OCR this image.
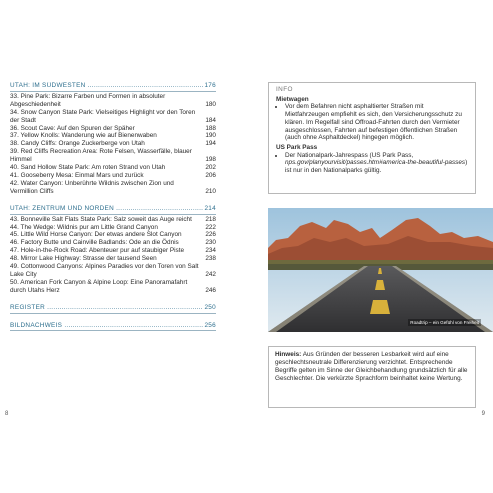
UTAH: IM SÜDWESTEN .....	176
33. Pine Park: Bizarre Farben und Formen in absoluter Abgeschiedenheit	180
34. Snow Canyon State Park: Vielseitiges Highlight vor den Toren der Stadt	184
36. Scout Cave: Auf den Spuren der Späher	188
37. Yellow Knolls: Wanderung wie auf Bienenwaben	190
38. Candy Cliffs: Orange Zuckerberge von Utah	194
39. Red Cliffs Recreation Area: Rote Felsen, Wasserfälle, blauer Himmel	198
40. Sand Hollow State Park: Am roten Strand von Utah	202
41. Gooseberry Mesa: Einmal Mars und zurück	206
42. Water Canyon: Unberührte Wildnis zwischen Zion und Vermillion Cliffs	210
UTAH: ZENTRUM UND NORDEN .....	214
43. Bonneville Salt Flats State Park: Salz soweit das Auge reicht	218
44. The Wedge: Wildnis pur am Little Grand Canyon	222
45. Little Wild Horse Canyon: Der etwas andere Slot Canyon	226
46. Factory Butte und Cainville Badlands: Ode an die Ödnis	230
47. Hole-in-the-Rock Road: Abenteuer pur auf staubiger Piste	234
48. Mirror Lake Highway: Strasse der tausend Seen	238
49. Cottonwood Canyons: Alpines Paradies vor den Toren von Salt Lake City	242
50. American Fork Canyon & Alpine Loop: Eine Panoramafahrt durch Utahs Herz	246
REGISTER .....	250
BILDNACHWEIS .....	256
8
INFO
Mietwagen
• Vor dem Befahren nicht asphaltierter Straßen mit Mietfahrzeugen empfiehlt es sich, den Versicherungsschutz zu klären. Im Regelfall sind Offroad-Fahrten durch den Vermieter ausgeschlossen, Fahrten auf befestigen öffentlichen Straßen (auch ohne Asphaltdeckel) hingegen möglich.
US Park Pass
• Der Nationalpark-Jahrespass (US Park Pass, nps.gov/planyourvisit/passes.htm#america-the-beautiful-passes) ist nur in den Nationalparks gültig.
Roadtrip – ein Gefühl von Freiheit
Hinweis: Aus Gründen der besseren Lesbarkeit wird auf eine geschlechtsneutrale Differenzierung verzichtet. Entsprechende Begriffe gelten im Sinne der Gleichbehandlung grundsätzlich für alle Geschlechter. Die verkürzte Sprachform beinhaltet keine Wertung.
9
